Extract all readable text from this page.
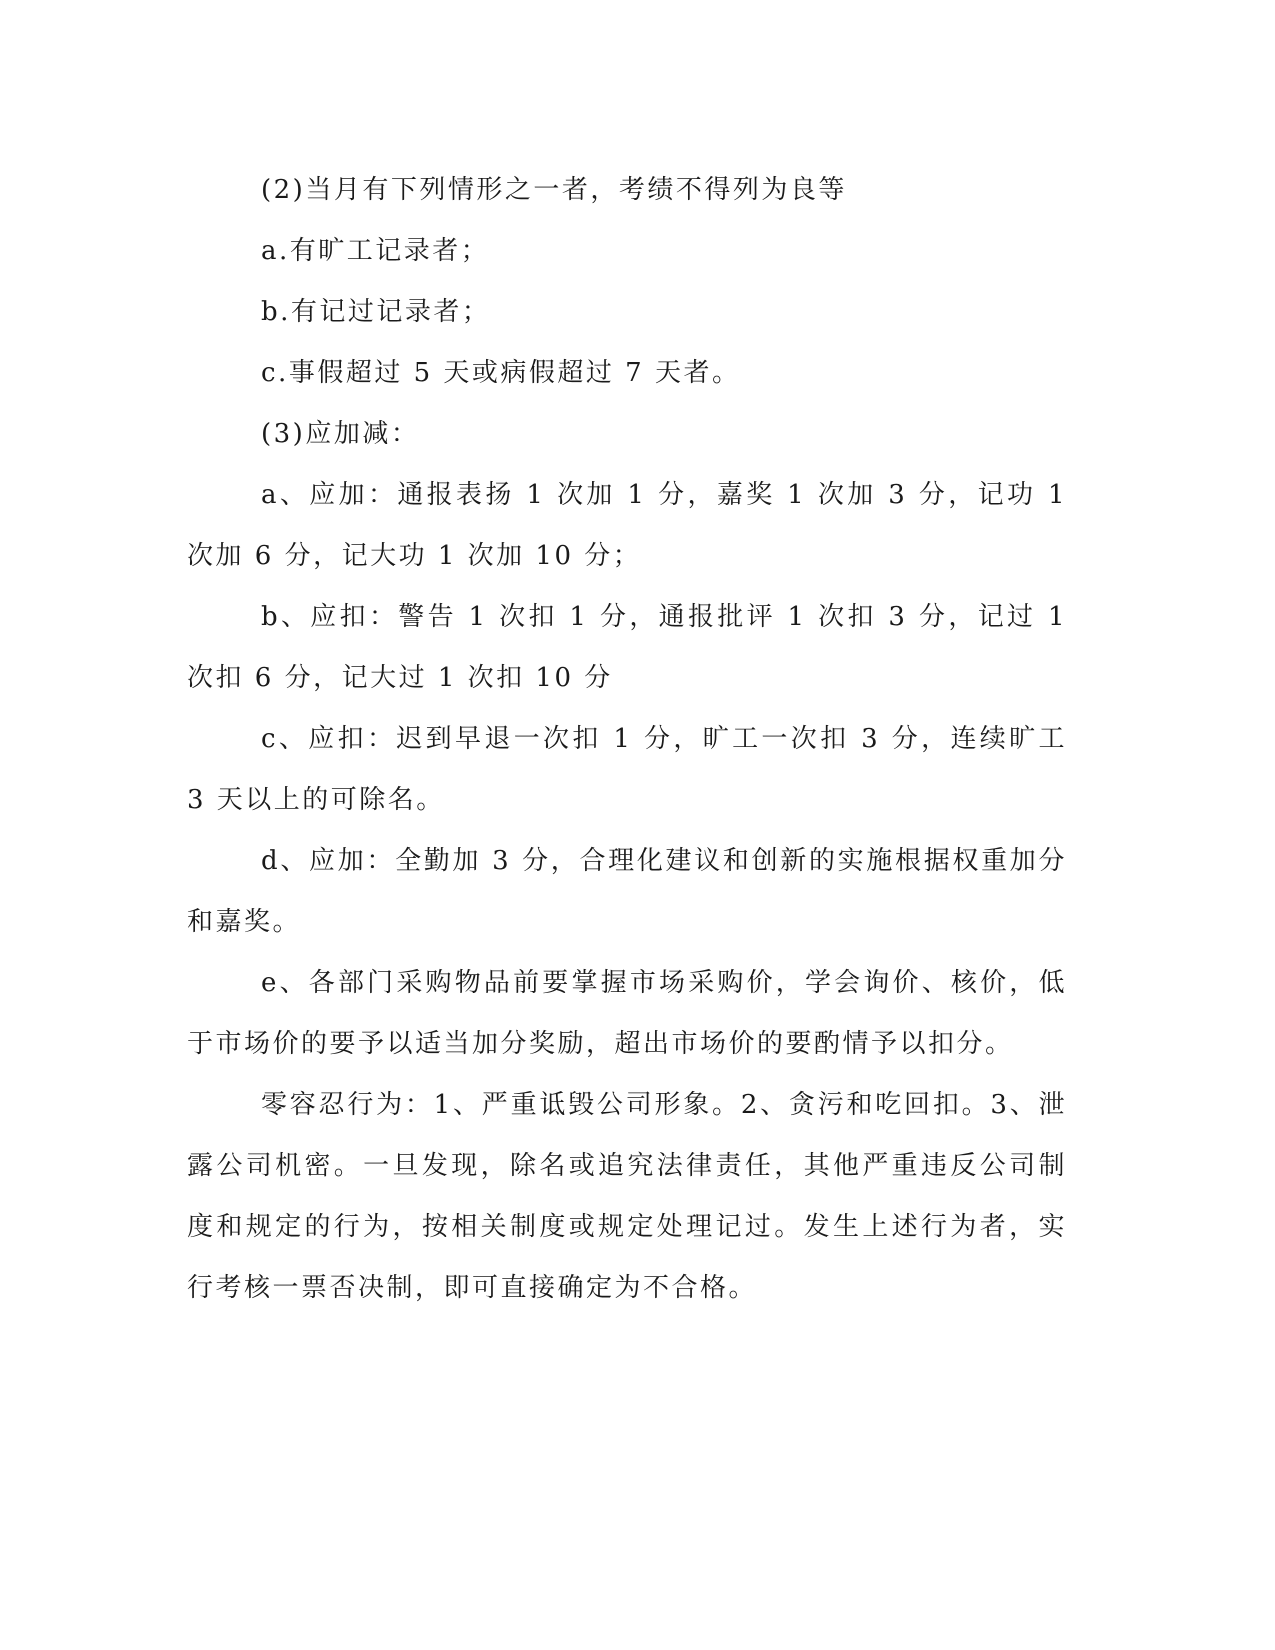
(2)当月有下列情形之一者，考绩不得列为良等

a.有旷工记录者；

b.有记过记录者；

c.事假超过 5 天或病假超过 7 天者。

(3)应加减：

a、应加：通报表扬 1 次加 1 分，嘉奖 1 次加 3 分，记功 1 次加 6 分，记大功 1 次加 10 分；

b、应扣：警告 1 次扣 1 分，通报批评 1 次扣 3 分，记过 1 次扣 6 分，记大过 1 次扣 10 分

c、应扣：迟到早退一次扣 1 分，旷工一次扣 3 分，连续旷工 3 天以上的可除名。

d、应加：全勤加 3 分，合理化建议和创新的实施根据权重加分和嘉奖。

e、各部门采购物品前要掌握市场采购价，学会询价、核价，低于市场价的要予以适当加分奖励，超出市场价的要酌情予以扣分。

零容忍行为：1、严重诋毁公司形象。2、贪污和吃回扣。3、泄露公司机密。一旦发现，除名或追究法律责任，其他严重违反公司制度和规定的行为，按相关制度或规定处理记过。发生上述行为者，实行考核一票否决制，即可直接确定为不合格。
